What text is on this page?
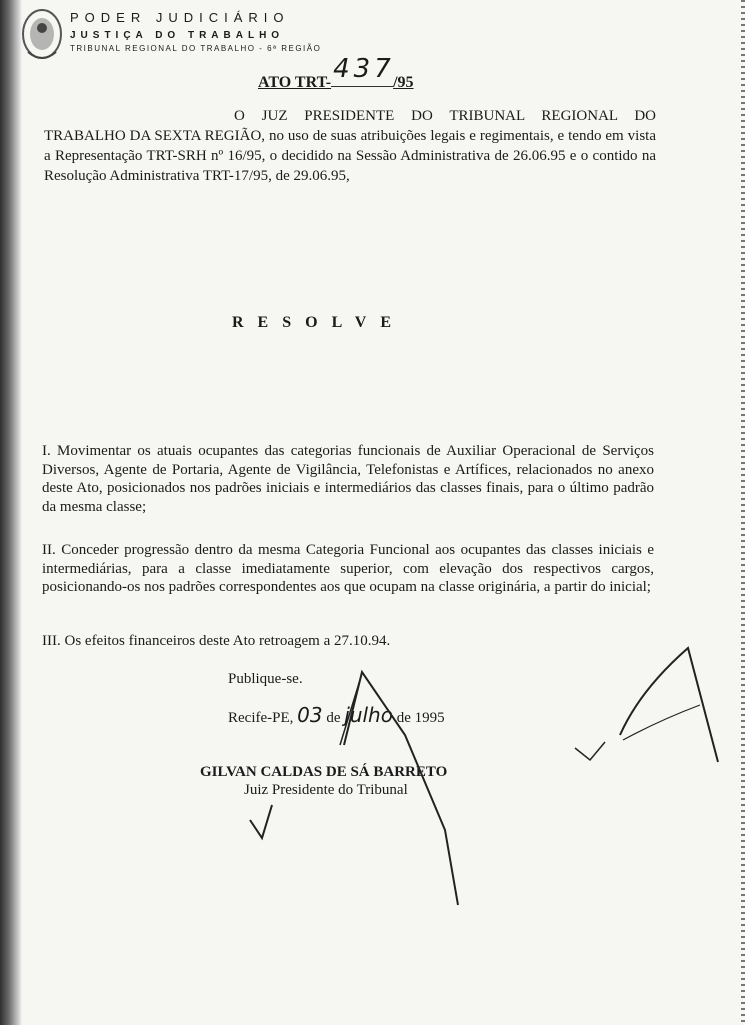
PODER JUDICIÁRIO
JUSTIÇA DO TRABALHO
TRIBUNAL REGIONAL DO TRABALHO - 6ª REGIÃO
ATO TRT- 437
/95
O JUZ PRESIDENTE DO TRIBUNAL REGIONAL DO TRABALHO DA SEXTA REGIÃO, no uso de suas atribuições legais e regimentais, e tendo em vista a Representação TRT-SRH nº 16/95, o decidido na Sessão Administrativa de 26.06.95 e o contido na Resolução Administrativa TRT-17/95, de 29.06.95,
RESOLVE
I. Movimentar os atuais ocupantes das categorias funcionais de Auxiliar Operacional de Serviços Diversos, Agente de Portaria, Agente de Vigilância, Telefonistas e Artífices, relacionados no anexo deste Ato, posicionados nos padrões iniciais e intermediários das classes finais, para o último padrão da mesma classe;
II. Conceder progressão dentro da mesma Categoria Funcional aos ocupantes das classes iniciais e intermediárias, para a classe imediatamente superior, com elevação dos respectivos cargos, posicionando-os nos padrões correspondentes aos que ocupam na classe originária, a partir do inicial;
III. Os efeitos financeiros deste Ato retroagem a 27.10.94.
Publique-se.
Recife-PE, 03 de julho de 1995
GILVAN CALDAS DE SÁ BARRETO
Juiz Presidente do Tribunal
